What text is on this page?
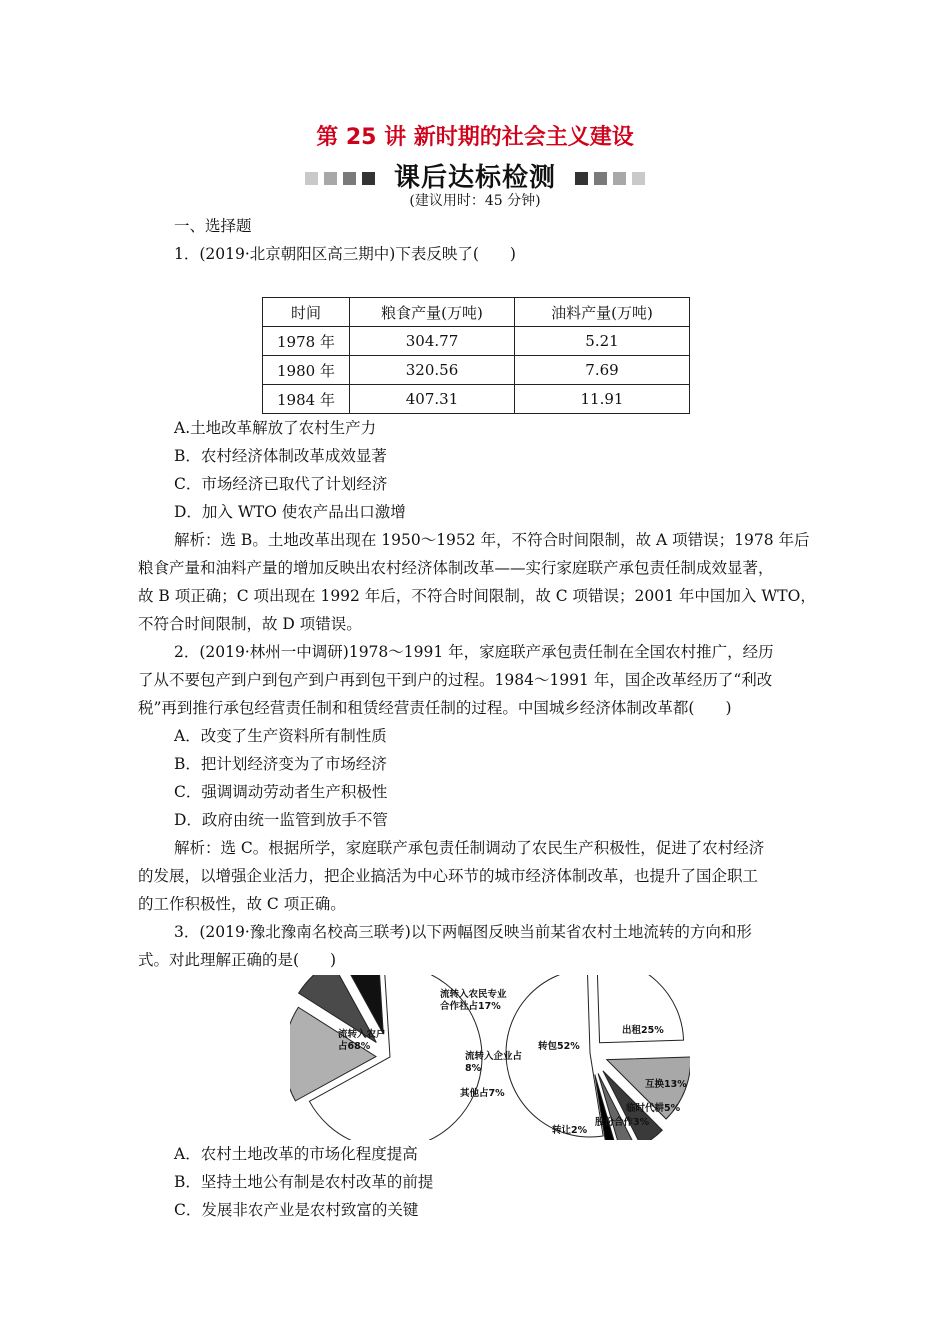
第 25 讲 新时期的社会主义建设
课后达标检测
(建议用时：45 分钟)
一、选择题
1．(2019·北京朝阳区高三期中)下表反映了(　　)
时间	粮食产量(万吨)	油料产量(万吨)
1978 年	304.77	5.21
1980 年	320.56	7.69
1984 年	407.31	11.91
A.土地改革解放了农村生产力
B．农村经济体制改革成效显著
C．市场经济已取代了计划经济
D．加入 WTO 使农产品出口激增
解析：选 B。土地改革出现在 1950～1952 年，不符合时间限制，故 A 项错误；1978 年后
粮食产量和油料产量的增加反映出农村经济体制改革——实行家庭联产承包责任制成效显著，
故 B 项正确；C 项出现在 1992 年后，不符合时间限制，故 C 项错误；2001 年中国加入 WTO，
不符合时间限制，故 D 项错误。
2．(2019·林州一中调研)1978～1991 年，家庭联产承包责任制在全国农村推广，经历
了从不要包产到户到包产到户再到包干到户的过程。1984～1991 年，国企改革经历了“利改
税”再到推行承包经营责任制和租赁经营责任制的过程。中国城乡经济体制改革都(　　)
A．改变了生产资料所有制性质
B．把计划经济变为了市场经济
C．强调调动劳动者生产积极性
D．政府由统一监管到放手不管
解析：选 C。根据所学，家庭联产承包责任制调动了农民生产积极性，促进了农村经济
的发展，以增强企业活力，把企业搞活为中心环节的城市经济体制改革，也提升了国企职工
的工作积极性，故 C 项正确。
3．(2019·豫北豫南名校高三联考)以下两幅图反映当前某省农村土地流转的方向和形
式。对此理解正确的是(　　)
流转入农户
占68%
流转入农民专业
合作社占17%
流转入企业占
8%
其他占7%
转包52%
出租25%
互换13%
临时代耕5%
股份合作3%
转让2%
A．农村土地改革的市场化程度提高
B．坚持土地公有制是农村改革的前提
C．发展非农产业是农村致富的关键
